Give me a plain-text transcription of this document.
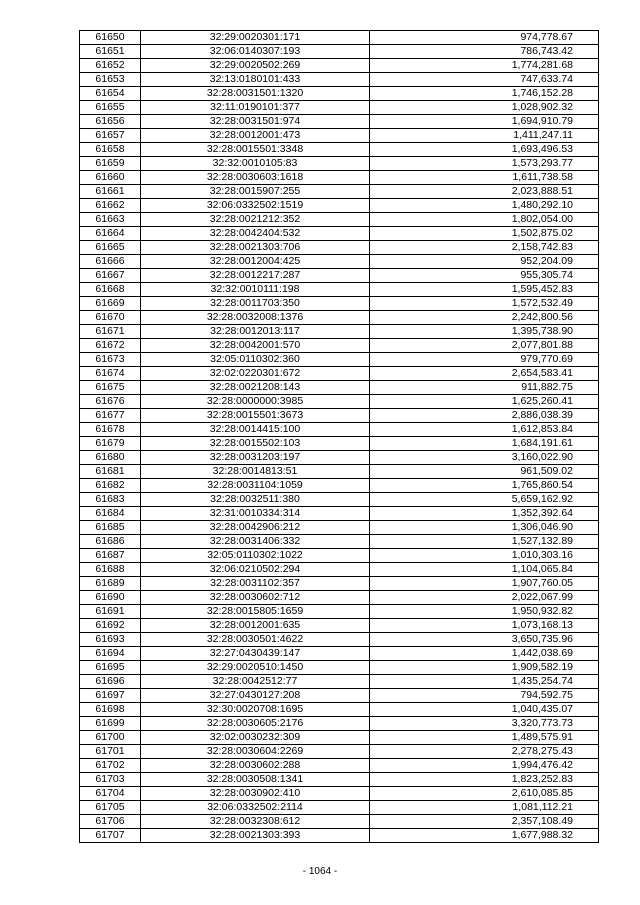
61650	32:29:0020301:171	974,778.67
61651	32:06:0140307:193	786,743.42
61652	32:29:0020502:269	1,774,281.68
61653	32:13:0180101:433	747,633.74
61654	32:28:0031501:1320	1,746,152.28
61655	32:11:0190101:377	1,028,902.32
61656	32:28:0031501:974	1,694,910.79
61657	32:28:0012001:473	1,411,247.11
61658	32:28:0015501:3348	1,693,496.53
61659	32:32:0010105:83	1,573,293.77
61660	32:28:0030603:1618	1,611,738.58
61661	32:28:0015907:255	2,023,888.51
61662	32:06:0332502:1519	1,480,292.10
61663	32:28:0021212:352	1,802,054.00
61664	32:28:0042404:532	1,502,875.02
61665	32:28:0021303:706	2,158,742.83
61666	32:28:0012004:425	952,204.09
61667	32:28:0012217:287	955,305.74
61668	32:32:0010111:198	1,595,452.83
61669	32:28:0011703:350	1,572,532.49
61670	32:28:0032008:1376	2,242,800.56
61671	32:28:0012013:117	1,395,738.90
61672	32:28:0042001:570	2,077,801.88
61673	32:05:0110302:360	979,770.69
61674	32:02:0220301:672	2,654,583.41
61675	32:28:0021208:143	911,882.75
61676	32:28:0000000:3985	1,625,260.41
61677	32:28:0015501:3673	2,886,038.39
61678	32:28:0014415:100	1,612,853.84
61679	32:28:0015502:103	1,684,191.61
61680	32:28:0031203:197	3,160,022.90
61681	32:28:0014813:51	961,509.02
61682	32:28:0031104:1059	1,765,860.54
61683	32:28:0032511:380	5,659,162.92
61684	32:31:0010334:314	1,352,392.64
61685	32:28:0042906:212	1,306,046.90
61686	32:28:0031406:332	1,527,132.89
61687	32:05:0110302:1022	1,010,303.16
61688	32:06:0210502:294	1,104,065.84
61689	32:28:0031102:357	1,907,760.05
61690	32:28:0030602:712	2,022,067.99
61691	32:28:0015805:1659	1,950,932.82
61692	32:28:0012001:635	1,073,168.13
61693	32:28:0030501:4622	3,650,735.96
61694	32:27:0430439:147	1,442,038.69
61695	32:29:0020510:1450	1,909,582.19
61696	32:28:0042512:77	1,435,254.74
61697	32:27:0430127:208	794,592.75
61698	32:30:0020708:1695	1,040,435.07
61699	32:28:0030605:2176	3,320,773.73
61700	32:02:0030232:309	1,489,575.91
61701	32:28:0030604:2269	2,278,275.43
61702	32:28:0030602:288	1,994,476.42
61703	32:28:0030508:1341	1,823,252.83
61704	32:28:0030902:410	2,610,085.85
61705	32:06:0332502:2114	1,081,112.21
61706	32:28:0032308:612	2,357,108.49
61707	32:28:0021303:393	1,677,988.32
- 1064 -
